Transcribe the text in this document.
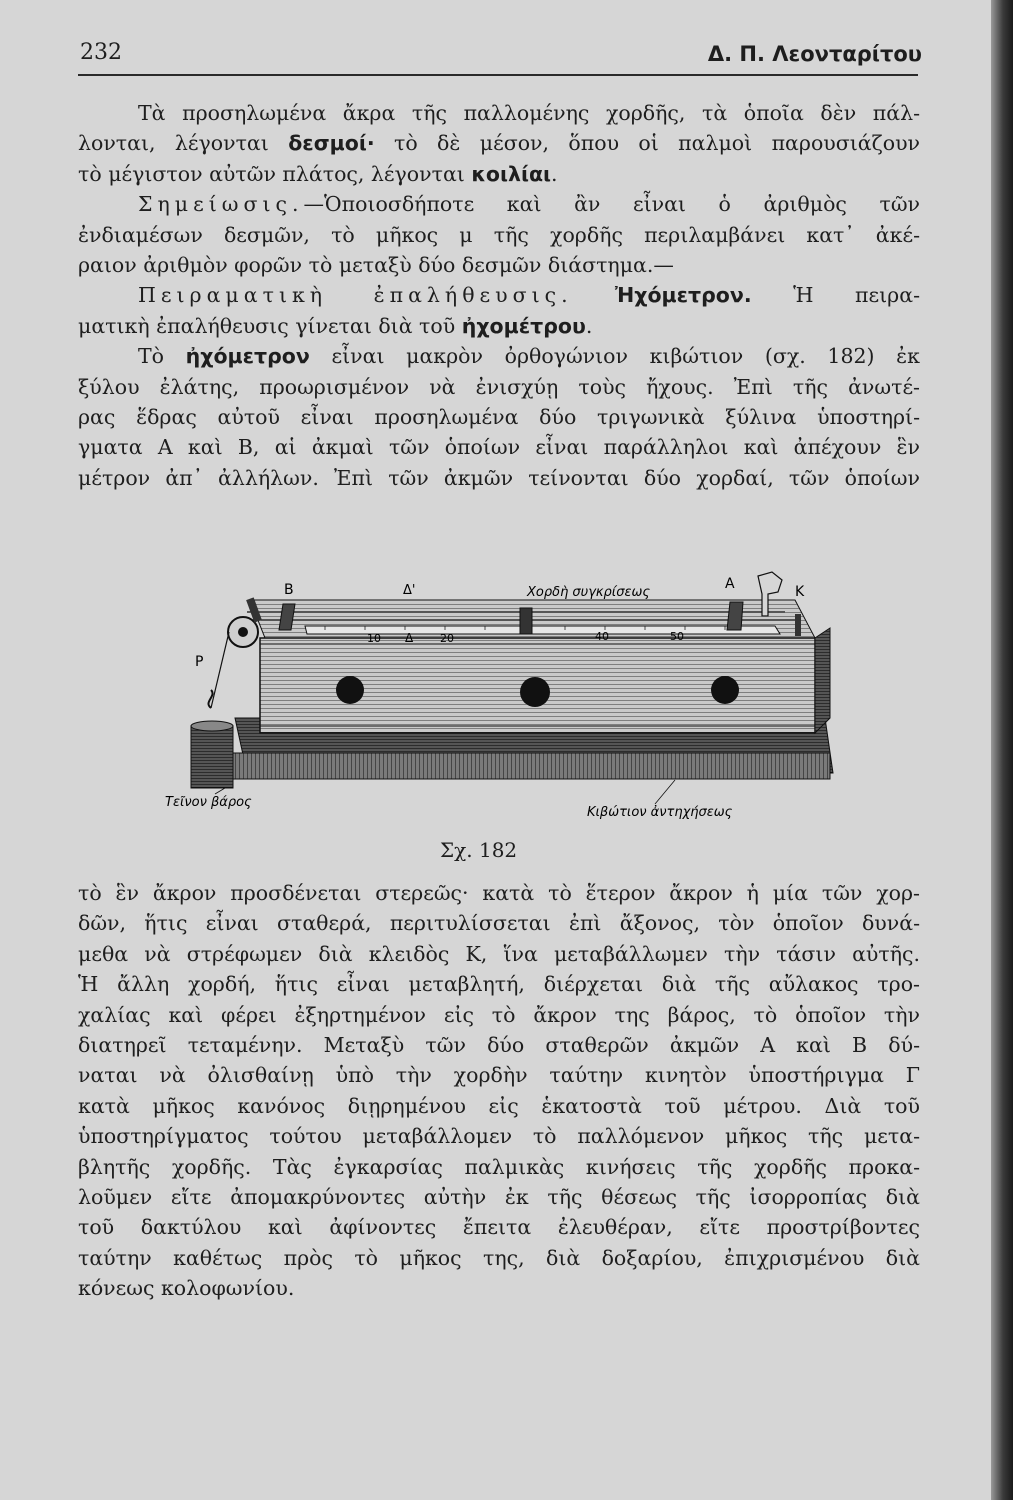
232	Δ. Π. Λεονταρίτου
Τὰ προσηλωμένα ἄκρα τῆς παλλομένης χορδῆς, τὰ ὁποῖα δὲν πάλ-
λονται, λέγονται δεσμοί· τὸ δὲ μέσον, ὅπου οἱ παλμοὶ παρουσιάζουν
τὸ μέγιστον αὐτῶν πλάτος, λέγονται κοιλίαι.
Σημείωσις.—Ὁποιοσδήποτε καὶ ἂν εἶναι ὁ ἀριθμὸς τῶν
ἐνδιαμέσων δεσμῶν, τὸ μῆκος μ τῆς χορδῆς περιλαμβάνει κατ᾽ ἀκέ-
ραιον ἀριθμὸν φορῶν τὸ μεταξὺ δύο δεσμῶν διάστημα.—
Πειραματικὴ ἐπαλήθευσις. Ἠχόμετρον. Ἡ πειρα-
ματικὴ ἐπαλήθευσις γίνεται διὰ τοῦ ἠχομέτρου.
Τὸ ἠχόμετρον εἶναι μακρὸν ὀρθογώνιον κιβώτιον (σχ. 182) ἐκ
ξύλου ἐλάτης, προωρισμένον νὰ ἐνισχύῃ τοὺς ἤχους. Ἐπὶ τῆς ἀνωτέ-
ρας ἕδρας αὐτοῦ εἶναι προσηλωμένα δύο τριγωνικὰ ξύλινα ὑποστηρί-
γματα Α καὶ Β, αἱ ἀκμαὶ τῶν ὁποίων εἶναι παράλληλοι καὶ ἀπέχουν ἓν
μέτρον ἀπ᾽ ἀλλήλων. Ἐπὶ τῶν ἀκμῶν τείνονται δύο χορδαί, τῶν ὁποίων
10 Δ 20	40	50
Β	Δ'	Χορδὴ συγκρίσεως
Α	Κ
Ρ
Τεῖνον βάρος
Κιβώτιον ἀντηχήσεως
Σχ. 182
τὸ ἓν ἄκρον προσδένεται στερεῶς· κατὰ τὸ ἕτερον ἄκρον ἡ μία τῶν χορ-
δῶν, ἥτις εἶναι σταθερά, περιτυλίσσεται ἐπὶ ἄξονος, τὸν ὁποῖον δυνά-
μεθα νὰ στρέφωμεν διὰ κλειδὸς Κ, ἵνα μεταβάλλωμεν τὴν τάσιν αὐτῆς.
Ἡ ἄλλη χορδή, ἥτις εἶναι μεταβλητή, διέρχεται διὰ τῆς αὔλακος τρο-
χαλίας καὶ φέρει ἐξηρτημένον εἰς τὸ ἄκρον της βάρος, τὸ ὁποῖον τὴν
διατηρεῖ τεταμένην. Μεταξὺ τῶν δύο σταθερῶν ἀκμῶν Α καὶ Β δύ-
ναται νὰ ὀλισθαίνῃ ὑπὸ τὴν χορδὴν ταύτην κινητὸν ὑποστήριγμα Γ
κατὰ μῆκος κανόνος διῃρημένου εἰς ἑκατοστὰ τοῦ μέτρου. Διὰ τοῦ
ὑποστηρίγματος τούτου μεταβάλλομεν τὸ παλλόμενον μῆκος τῆς μετα-
βλητῆς χορδῆς. Τὰς ἐγκαρσίας παλμικὰς κινήσεις τῆς χορδῆς προκα-
λοῦμεν εἴτε ἀπομακρύνοντες αὐτὴν ἐκ τῆς θέσεως τῆς ἰσορροπίας διὰ
τοῦ δακτύλου καὶ ἀφίνοντες ἔπειτα ἐλευθέραν, εἴτε προστρίβοντες
ταύτην καθέτως πρὸς τὸ μῆκος της, διὰ δοξαρίου, ἐπιχρισμένου διὰ
κόνεως κολοφωνίου.
